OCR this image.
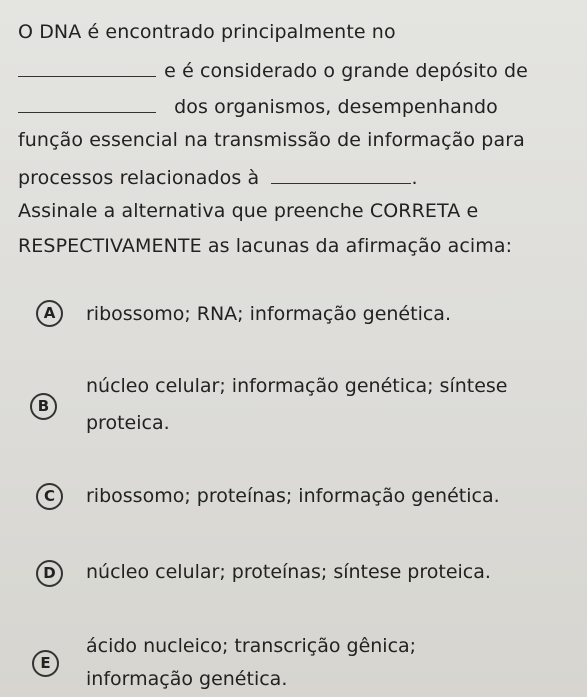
O DNA é encontrado principalmente no
e é considerado o grande depósito de
dos organismos, desempenhando
função essencial na transmissão de informação para
processos relacionados à	.
Assinale a alternativa que preenche CORRETA e
RESPECTIVAMENTE as lacunas da afirmação acima:
A	ribossomo; RNA; informação genética.
B
núcleo celular; informação genética; síntese
proteica.
C	ribossomo; proteínas; informação genética.
D	núcleo celular; proteínas; síntese proteica.
E
ácido nucleico; transcrição gênica;
informação genética.
